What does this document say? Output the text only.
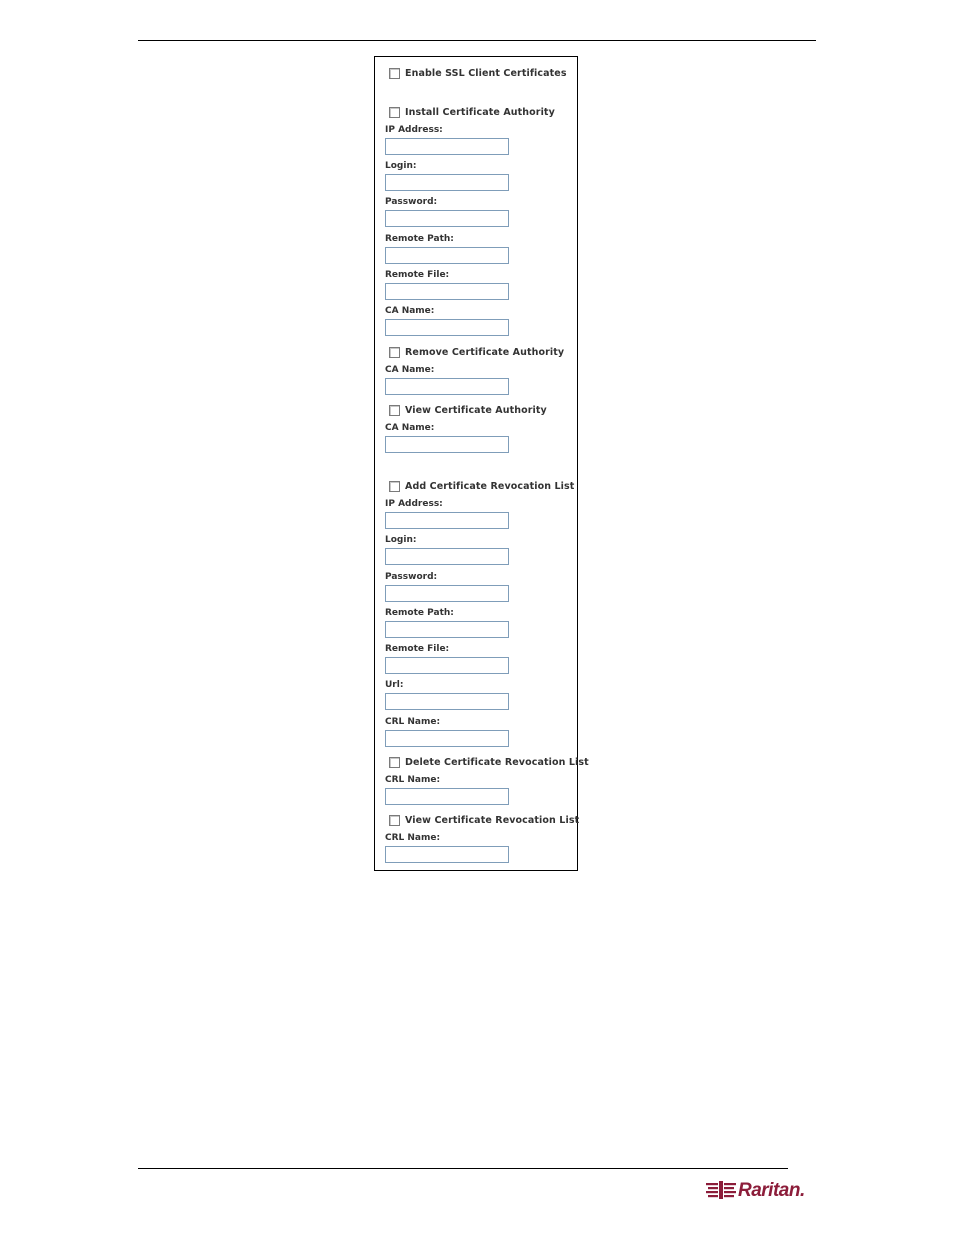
Enable SSL Client Certificates
Install Certificate Authority
IP Address:
Login:
Password:
Remote Path:
Remote File:
CA Name:
Remove Certificate Authority
CA Name:
View Certificate Authority
CA Name:
Add Certificate Revocation List
IP Address:
Login:
Password:
Remote Path:
Remote File:
Url:
CRL Name:
Delete Certificate Revocation List
CRL Name:
View Certificate Revocation List
CRL Name:
Raritan.
